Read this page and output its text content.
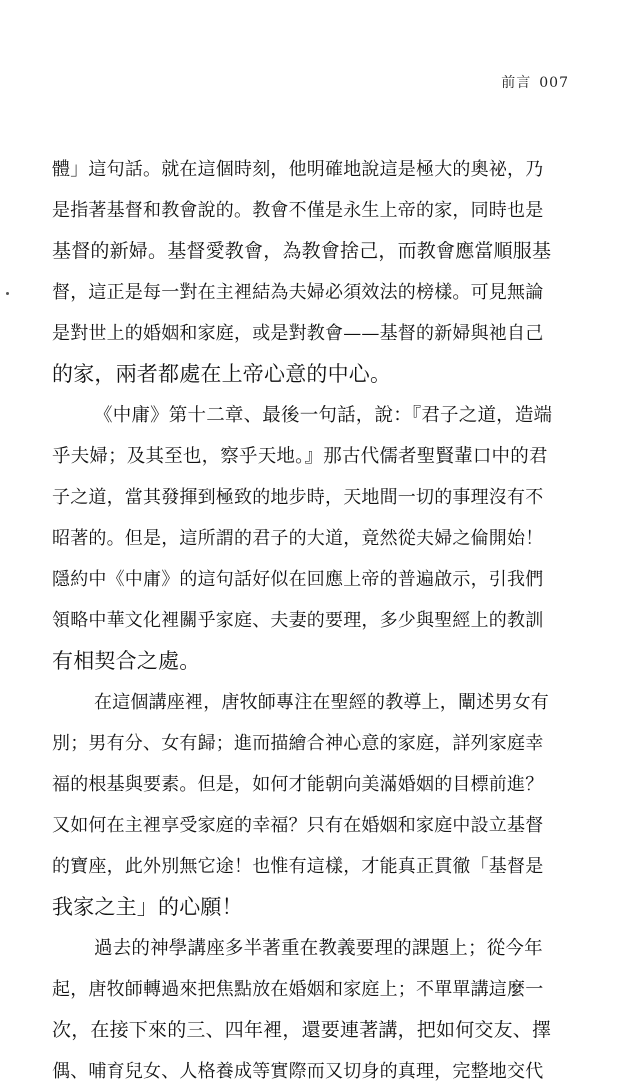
前言 007
體」這句話。就在這個時刻，他明確地說這是極大的奧祕，乃
是指著基督和教會說的。教會不僅是永生上帝的家，同時也是
基督的新婦。基督愛教會，為教會捨己，而教會應當順服基
督，這正是每一對在主裡結為夫婦必須效法的榜樣。可見無論
是對世上的婚姻和家庭，或是對教會——基督的新婦與祂自己
的家，兩者都處在上帝心意的中心。
《中庸》第十二章、最後一句話，說：『君子之道，造端
乎夫婦；及其至也，察乎天地。』那古代儒者聖賢輩口中的君
子之道，當其發揮到極致的地步時，天地間一切的事理沒有不
昭著的。但是，這所謂的君子的大道，竟然從夫婦之倫開始！
隱約中《中庸》的這句話好似在回應上帝的普遍啟示，引我們
領略中華文化裡關乎家庭、夫妻的要理，多少與聖經上的教訓
有相契合之處。
在這個講座裡，唐牧師專注在聖經的教導上，闡述男女有
別；男有分、女有歸；進而描繪合神心意的家庭，詳列家庭幸
福的根基與要素。但是，如何才能朝向美滿婚姻的目標前進？
又如何在主裡享受家庭的幸福？只有在婚姻和家庭中設立基督
的寶座，此外別無它途！也惟有這樣，才能真正貫徹「基督是
我家之主」的心願！
過去的神學講座多半著重在教義要理的課題上；從今年
起，唐牧師轉過來把焦點放在婚姻和家庭上；不單單講這麼一
次，在接下來的三、四年裡，還要連著講，把如何交友、擇
偶、哺育兒女、人格養成等實際而又切身的真理，完整地交代
